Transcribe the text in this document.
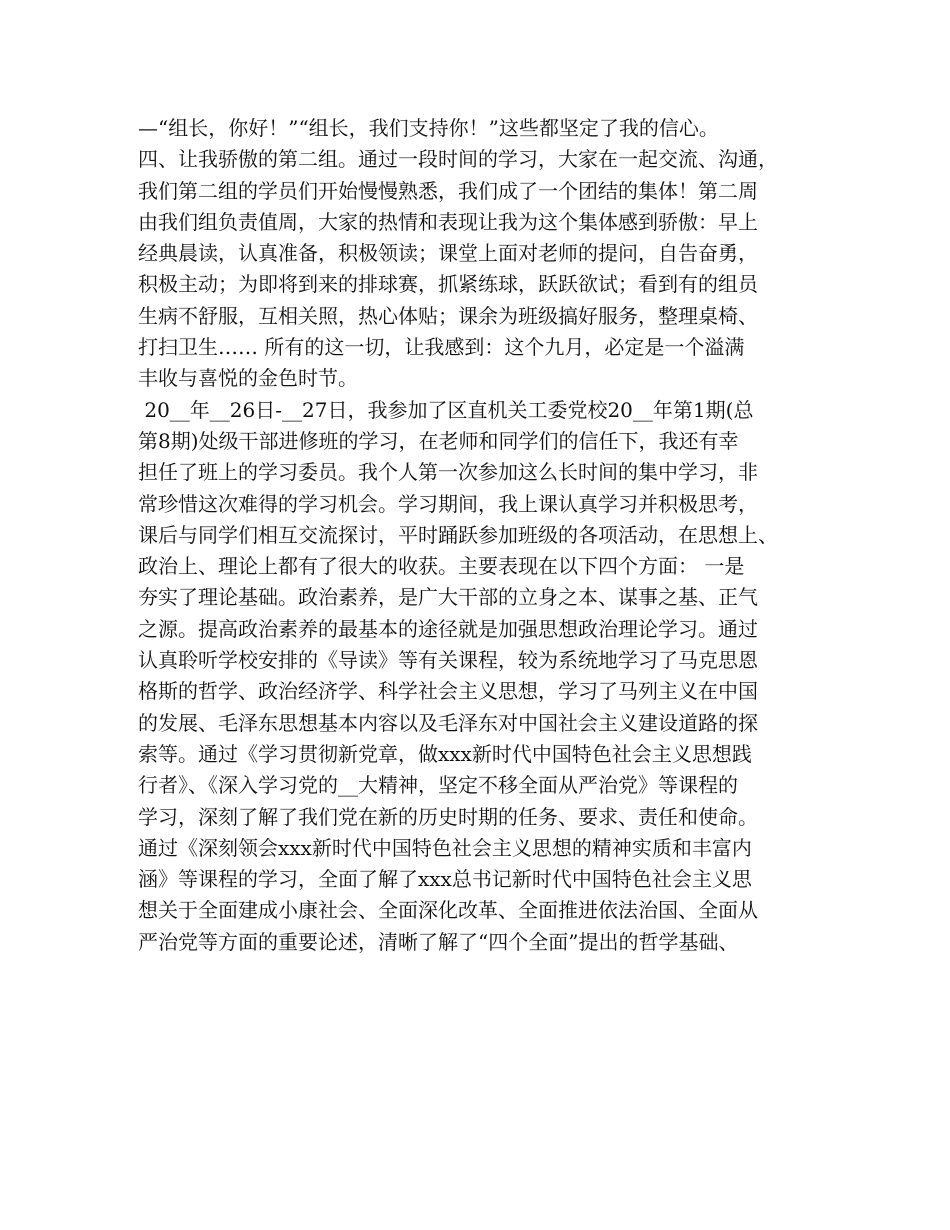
—“组长，你好！”“组长，我们支持你！”这些都坚定了我的信心。
四、让我骄傲的第二组。通过一段时间的学习，大家在一起交流、沟通，
我们第二组的学员们开始慢慢熟悉，我们成了一个团结的集体！第二周
由我们组负责值周，大家的热情和表现让我为这个集体感到骄傲：早上
经典晨读，认真准备，积极领读；课堂上面对老师的提问，自告奋勇，
积极主动；为即将到来的排球赛，抓紧练球，跃跃欲试；看到有的组员
生病不舒服，互相关照，热心体贴；课余为班级搞好服务，整理桌椅、
打扫卫生…… 所有的这一切，让我感到：这个九月，必定是一个溢满
丰收与喜悦的金色时节。
20__年__26日-__27日，我参加了区直机关工委党校20__年第1期(总
第8期)处级干部进修班的学习，在老师和同学们的信任下，我还有幸
担任了班上的学习委员。我个人第一次参加这么长时间的集中学习，非
常珍惜这次难得的学习机会。学习期间，我上课认真学习并积极思考，
课后与同学们相互交流探讨，平时踊跃参加班级的各项活动，在思想上、
政治上、理论上都有了很大的收获。主要表现在以下四个方面： 一是
夯实了理论基础。政治素养，是广大干部的立身之本、谋事之基、正气
之源。提高政治素养的最基本的途径就是加强思想政治理论学习。通过
认真聆听学校安排的《导读》等有关课程，较为系统地学习了马克思恩
格斯的哲学、政治经济学、科学社会主义思想，学习了马列主义在中国
的发展、毛泽东思想基本内容以及毛泽东对中国社会主义建设道路的探
索等。通过《学习贯彻新党章，做xxx新时代中国特色社会主义思想践
行者》、《深入学习党的__大精神，坚定不移全面从严治党》等课程的
学习，深刻了解了我们党在新的历史时期的任务、要求、责任和使命。
通过《深刻领会xxx新时代中国特色社会主义思想的精神实质和丰富内
涵》等课程的学习，全面了解了xxx总书记新时代中国特色社会主义思
想关于全面建成小康社会、全面深化改革、全面推进依法治国、全面从
严治党等方面的重要论述，清晰了解了“四个全面”提出的哲学基础、
